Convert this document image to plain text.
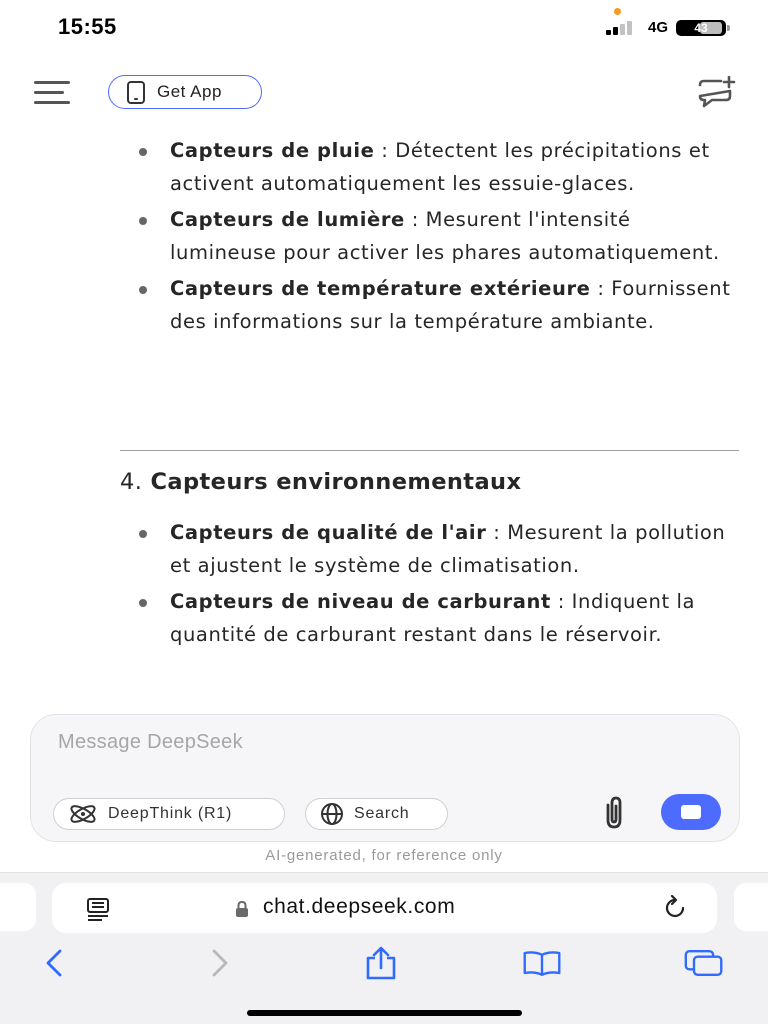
15:55	4G	43
Get App
Capteurs de pluie : Détectent les précipitations et activent automatiquement les essuie-glaces.
Capteurs de lumière : Mesurent l'intensité lumineuse pour activer les phares automatiquement.
Capteurs de température extérieure : Fournissent des informations sur la température ambiante.
4. Capteurs environnementaux
Capteurs de qualité de l'air : Mesurent la pollution et ajustent le système de climatisation.
Capteurs de niveau de carburant : Indiquent la quantité de carburant restant dans le réservoir.
Message DeepSeek
DeepThink (R1)	Search
AI-generated, for reference only
chat.deepseek.com
